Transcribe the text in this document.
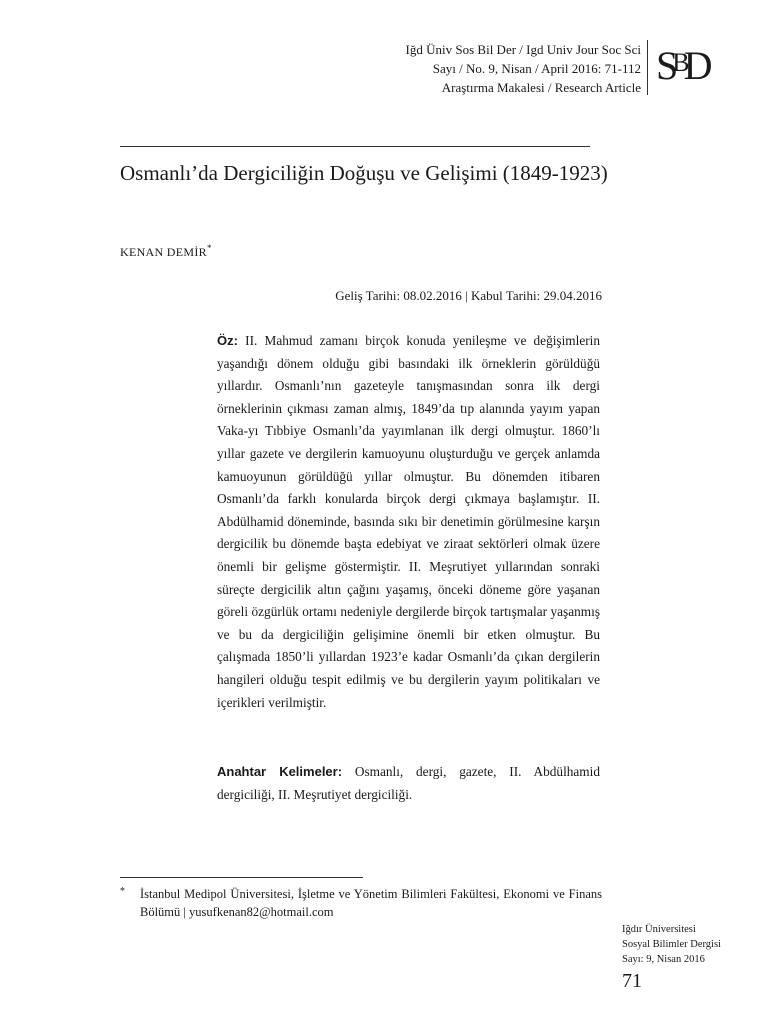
Iğd Üniv Sos Bil Der / Igd Univ Jour Soc Sci
Sayı / No. 9, Nisan / April 2016: 71-112
Araştırma Makalesi / Research Article $S^BD$
Osmanlı’da Dergiciliğin Doğuşu ve Gelişimi (1849-1923)
KENAN DEMİR*
Geliş Tarihi: 08.02.2016 | Kabul Tarihi: 29.04.2016

Öz: II. Mahmud zamanı birçok konuda yenileşme ve değişimlerin yaşandığı dönem olduğu gibi basındaki ilk örneklerin görüldüğü yıllardır. Osmanlı’nın gazeteyle tanışmasından sonra ilk dergi örneklerinin çıkması zaman almış, 1849’da tıp alanında yayım yapan Vaka-yı Tıbbiye Osmanlı’da yayımlanan ilk dergi olmuştur. 1860’lı yıllar gazete ve dergilerin kamuoyunu oluşturduğu ve gerçek anlamda kamuoyunun görüldüğü yıllar olmuştur. Bu dönemden itibaren Osmanlı’da farklı konularda birçok dergi çıkmaya başlamıştır. II. Abdülhamid döneminde, basında sıkı bir denetimin görülmesine karşın dergicilik bu dönemde başta edebiyat ve ziraat sektörleri olmak üzere önemli bir gelişme göstermiştir. II. Meşrutiyet yıllarından sonraki süreçte dergicilik altın çağını yaşamış, önceki döneme göre yaşanan göreli özgürlük ortamı nedeniyle dergilerde birçok tartışmalar yaşanmış ve bu da dergiciliğin gelişimine önemli bir etken olmuştur. Bu çalışmada 1850’li yıllardan 1923’e kadar Osmanlı’da çıkan dergilerin hangileri olduğu tespit edilmiş ve bu dergilerin yayım politikaları ve içerikleri verilmiştir.

Anahtar Kelimeler: Osmanlı, dergi, gazete, II. Abdülhamid dergiciliği, II. Meşrutiyet dergiciliği.

* İstanbul Medipol Üniversitesi, İşletme ve Yönetim Bilimleri Fakültesi, Ekonomi ve Finans Bölümü | yusufkenan82@hotmail.com
Iğdır Üniversitesi
Sosyal Bilimler Dergisi
Sayı: 9, Nisan 2016
71
